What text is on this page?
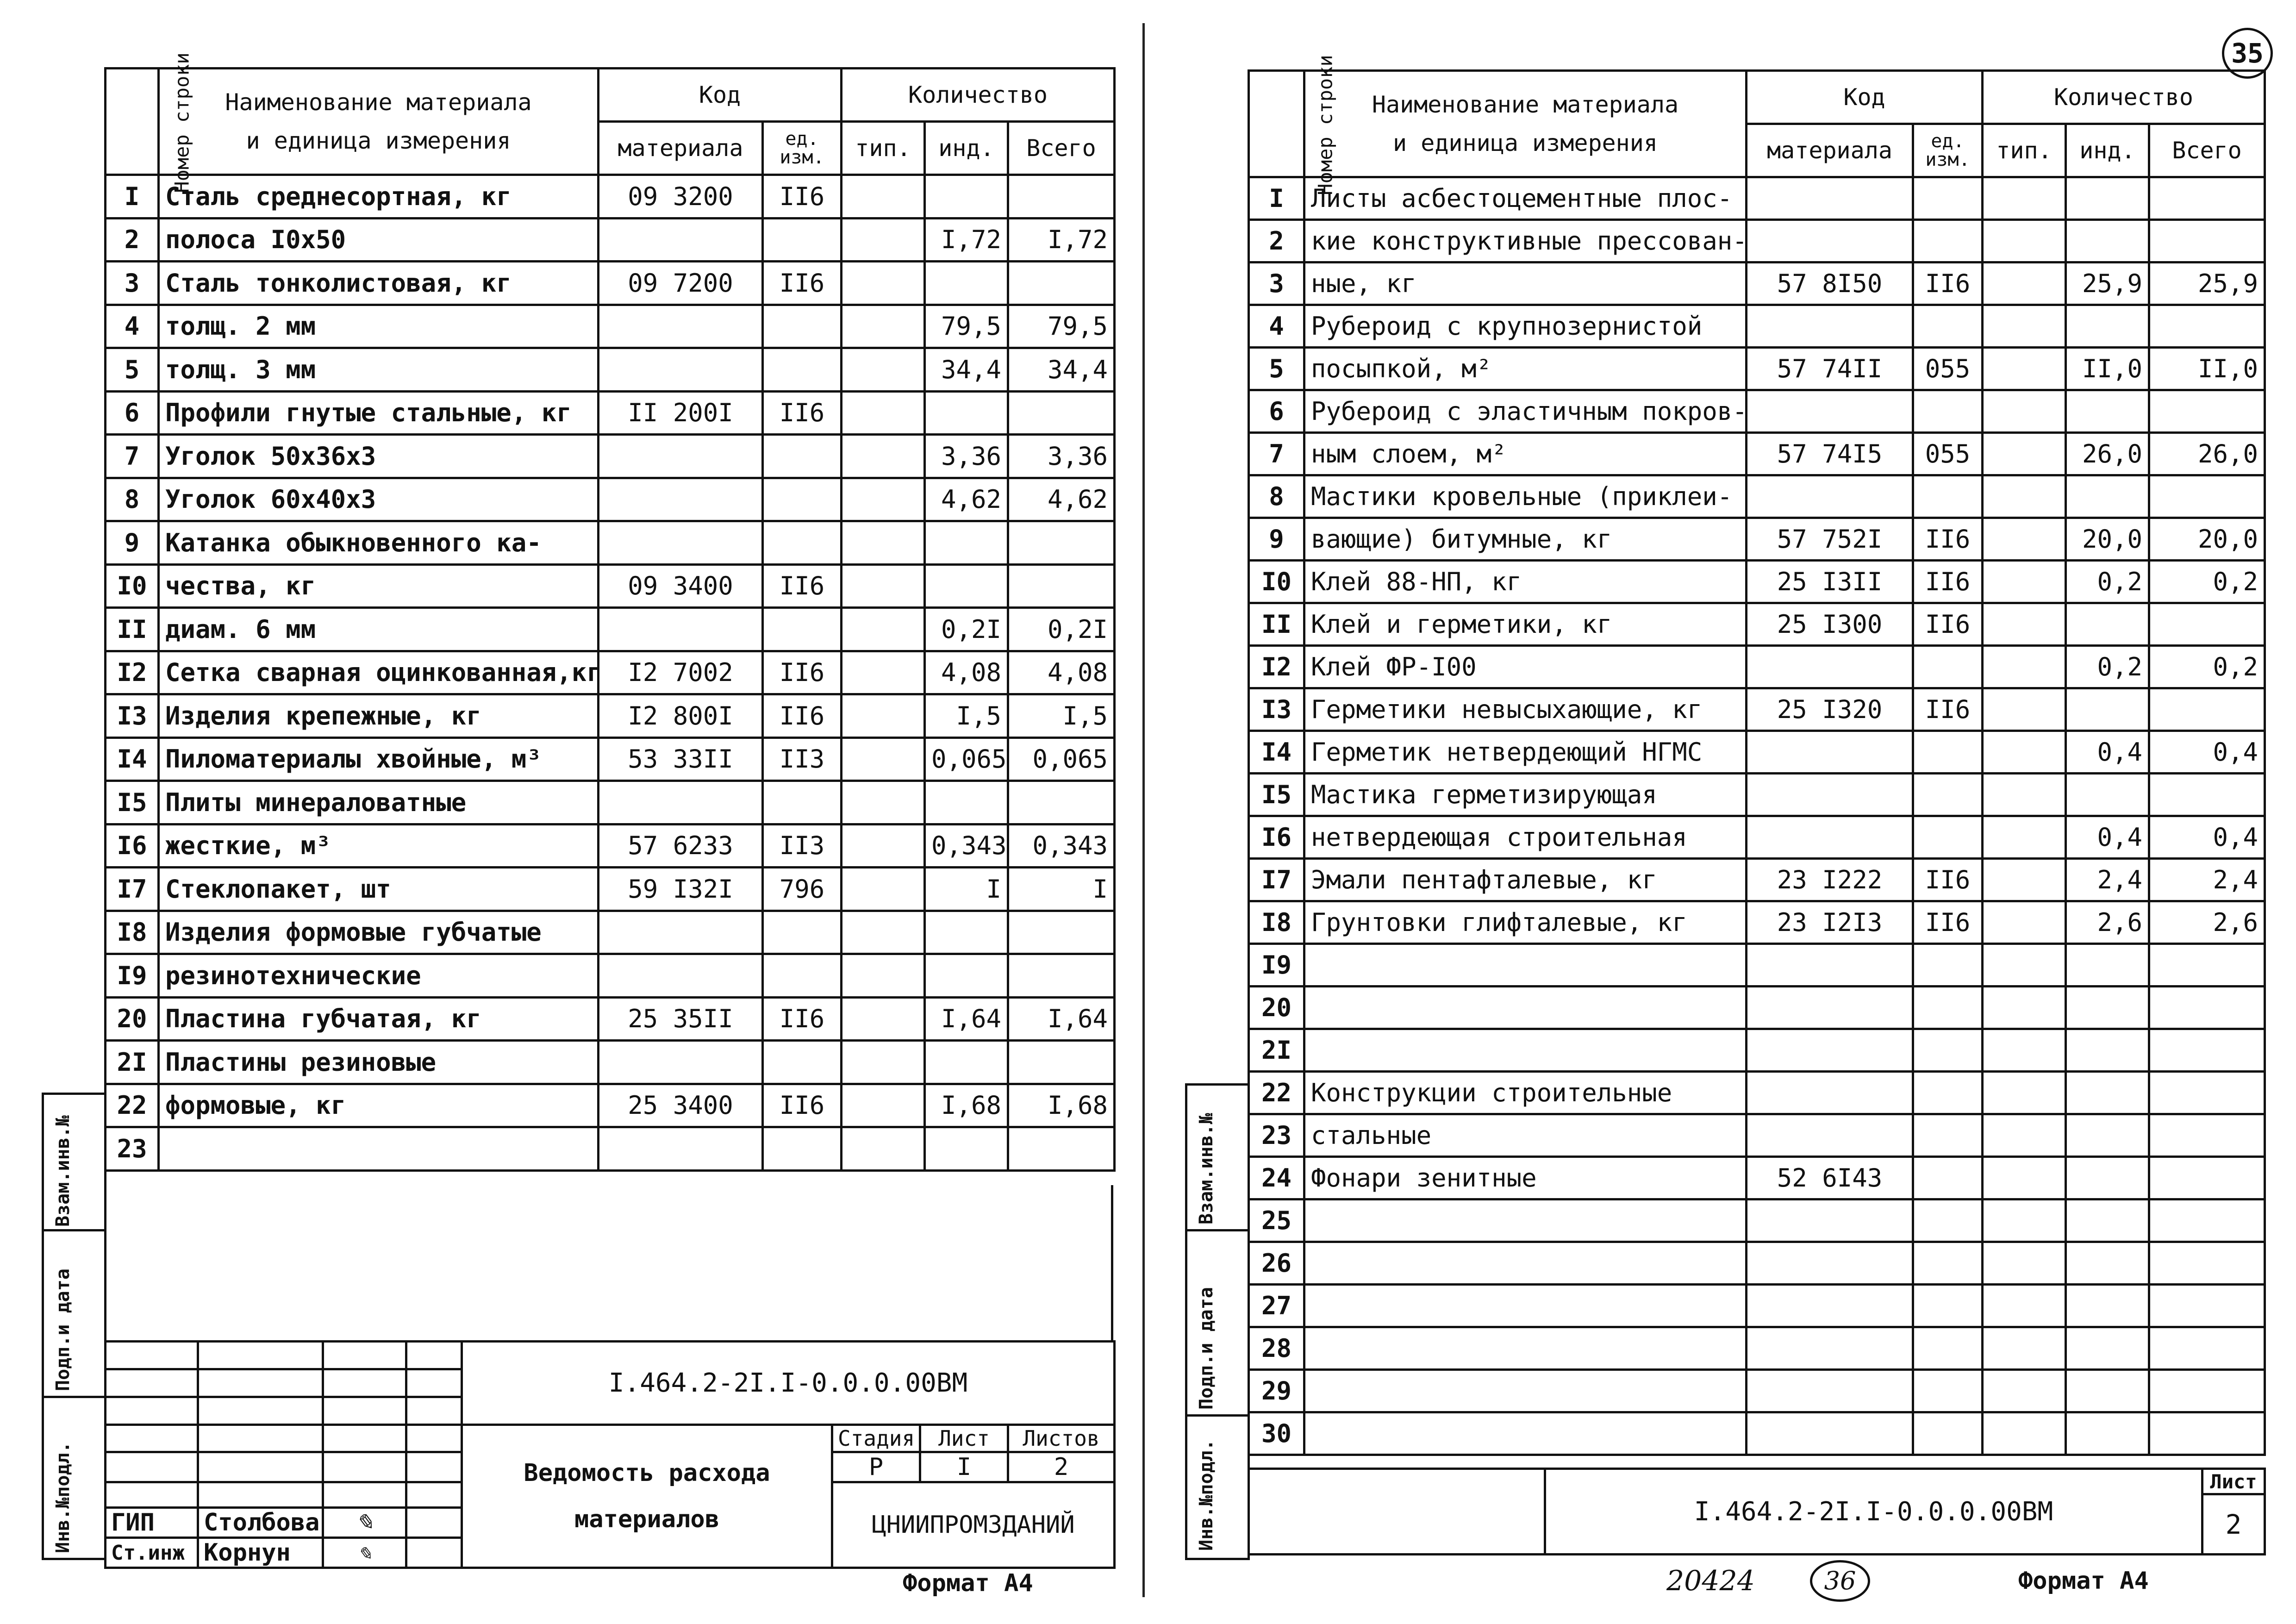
Номер строки	Наименование материала
и единица измерения	Код		Количество		
		материала	ед. изм.	тип.	инд.	Всего
I	Сталь среднесортная, кг	09 3200	II6			
2	полоса I0х50				I,72	I,72
3	Сталь тонколистовая, кг	09 7200	II6			
4	толщ. 2 мм				79,5	79,5
5	толщ. 3 мм				34,4	34,4
6	Профили гнутые стальные, кг	II 200I	II6			
7	Уголок 50х36х3				3,36	3,36
8	Уголок 60х40х3				4,62	4,62
9	Катанка обыкновенного ка-					
I0	чества, кг	09 3400	II6			
II	диам. 6 мм				0,2I	0,2I
I2	Сетка сварная оцинкованная,кг	I2 7002	II6		4,08	4,08
I3	Изделия крепежные, кг	I2 800I	II6		I,5	I,5
I4	Пиломатериалы хвойные, м³	53 33II	II3		0,065	0,065
I5	Плиты минераловатные					
I6	жесткие, м³	57 6233	II3		0,343	0,343
I7	Стеклопакет, шт	59 I32I	796		I	I
I8	Изделия формовые губчатые					
I9	резинотехнические					
20	Пластина губчатая, кг	25 35II	II6		I,64	I,64
2I	Пластины резиновые					
22	формовые, кг	25 3400	II6		I,68	I,68
23						
				I.464.2-2I.I-0.0.0.00ВМ			

				Ведомость расхода
материалов	Стадия	Лист	Листов
					Р	I	2
					ЦНИИПРОМЗДАНИЙ		
ГИП	Столбова	✎					
Ст.инж	Корнун	✎					
Взам.инв.№
Подп.и дата
Инв.№подл.
Формат А4
35
Номер строки	Наименование материала
и единица измерения	Код		Количество		
		материала	ед. изм.	тип.	инд.	Всего
I	Листы асбестоцементные плос-					
2	кие конструктивные прессован-					
3	ные, кг	57 8I50	II6		25,9	25,9
4	Рубероид с крупнозернистой					
5	посыпкой, м²	57 74II	055		II,0	II,0
6	Рубероид с эластичным покров-					
7	ным слоем, м²	57 74I5	055		26,0	26,0
8	Мастики кровельные (приклеи-					
9	вающие) битумные, кг	57 752I	II6		20,0	20,0
I0	Клей 88-НП, кг	25 I3II	II6		0,2	0,2
II	Клей и герметики, кг	25 I300	II6			
I2	Клей ФР-I00				0,2	0,2
I3	Герметики невысыхающие, кг	25 I320	II6			
I4	Герметик нетвердеющий НГМС				0,4	0,4
I5	Мастика герметизирующая					
I6	нетвердеющая строительная				0,4	0,4
I7	Эмали пентафталевые, кг	23 I222	II6		2,4	2,4
I8	Грунтовки глифталевые, кг	23 I2I3	II6		2,6	2,6
I9						
20						
2I						
22	Конструкции строительные					
23	стальные					
24	Фонари зенитные	52 6I43				
25						
26						
27						
28						
29						
30						
	I.464.2-2I.I-0.0.0.00ВМ	Лист
2
Взам.инв.№
Подп.и дата
Инв.№подл.
20424	36	Формат А4
